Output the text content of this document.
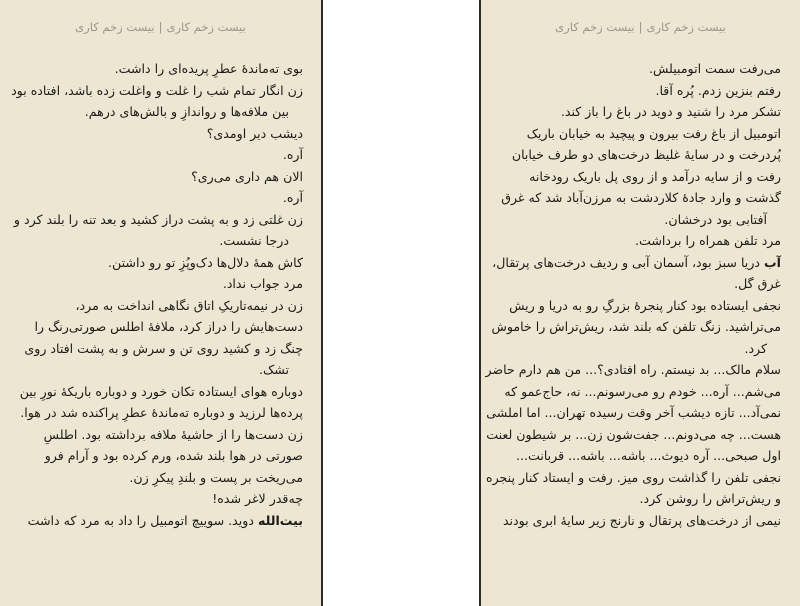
بیست زخم کاری|بیست زخم کاری
بوی ته‌ماندهٔ عطرِ پریده‌ای را داشت.
زن انگار تمام شب را غلت و واغلت زده باشد، افتاده بود
بین ملافه‌ها و رواندازِ و بالش‌های درهم.
دیشب دیر اومدی؟
آره.
الان هم داری می‌ری؟
آره.
زن غلتی زد و به پشت دراز کشید و بعد تنه را بلند کرد و
درجا نشست.
کاش همهٔ دلال‌ها دک‌وپُزِ تو رو داشتن.
مرد جواب نداد.
زن در نیمه‌تاریکِ اتاق نگاهی انداخت به مرد،
دست‌هایش را دراز کرد، ملافهٔ اطلس صورتی‌رنگ را
چنگ زد و کشید روی تن و سرش و به پشت افتاد روی
تشک.
دوباره هوای ایستاده تکان خورد و دوباره باریکهٔ نورِ بین
پرده‌ها لرزید و دوباره ته‌ماندهٔ عطرِ پراکنده شد در هوا.
زن دست‌ها را از حاشیهٔ ملافه برداشته بود. اطلسِ
صورتی در هوا بلند شده، ورم کرده بود و آرام فرو
می‌ریخت بر پست و بلندِ پیکرِ زن.
چه‌قدر لاغر شده!
بیت‌الله دوید. سوییچ اتومبیل را داد به مرد که داشت
بیست زخم کاری|بیست زخم کاری
می‌رفت سمت اتومبیلش.
رفتم بنزین زدم. پُره آقا.
تشکر مرد را شنید و دوید در باغ را باز کند.
اتومبیل از باغ رفت بیرون و پیچید به خیابان باریک
پُردرخت و در سایهٔ غلیظ درخت‌های دو طرف خیابان
رفت و از سایه درآمد و از روی پل باریک رودخانه
گذشت و وارد جادهٔ کلاردشت به مرزن‌آباد شد که غرق
آفتابی بود درخشان.
مرد تلفن همراه را برداشت.
آب دریا سبز بود، آسمان آبی و ردیف درخت‌های پرتقال،
غرق گل.
نجفی ایستاده بود کنار پنجرهٔ بزرگِ رو به دریا و ریش
می‌تراشید. زنگ تلفن که بلند شد، ریش‌تراش را خاموش
کرد.
سلام مالک... بد نیستم. راه افتادی؟... من هم دارم حاضر
می‌شم... آره... خودم رو می‌رسونم... نه، حاج‌عمو که
نمی‌آد... تازه دیشب آخر وقت رسیده تهران... اما املشی
هست... چه می‌دونم... جفت‌شون زن... بر شیطون لعنت
اول صبحی... آره دیوث... باشه... باشه... قربانت...
نجفی تلفن را گذاشت روی میز. رفت و ایستاد کنار پنجره
و ریش‌تراش را روشن کرد.
نیمی از درخت‌های پرتقال و نارنج زیر سایهٔ ابری بودند
